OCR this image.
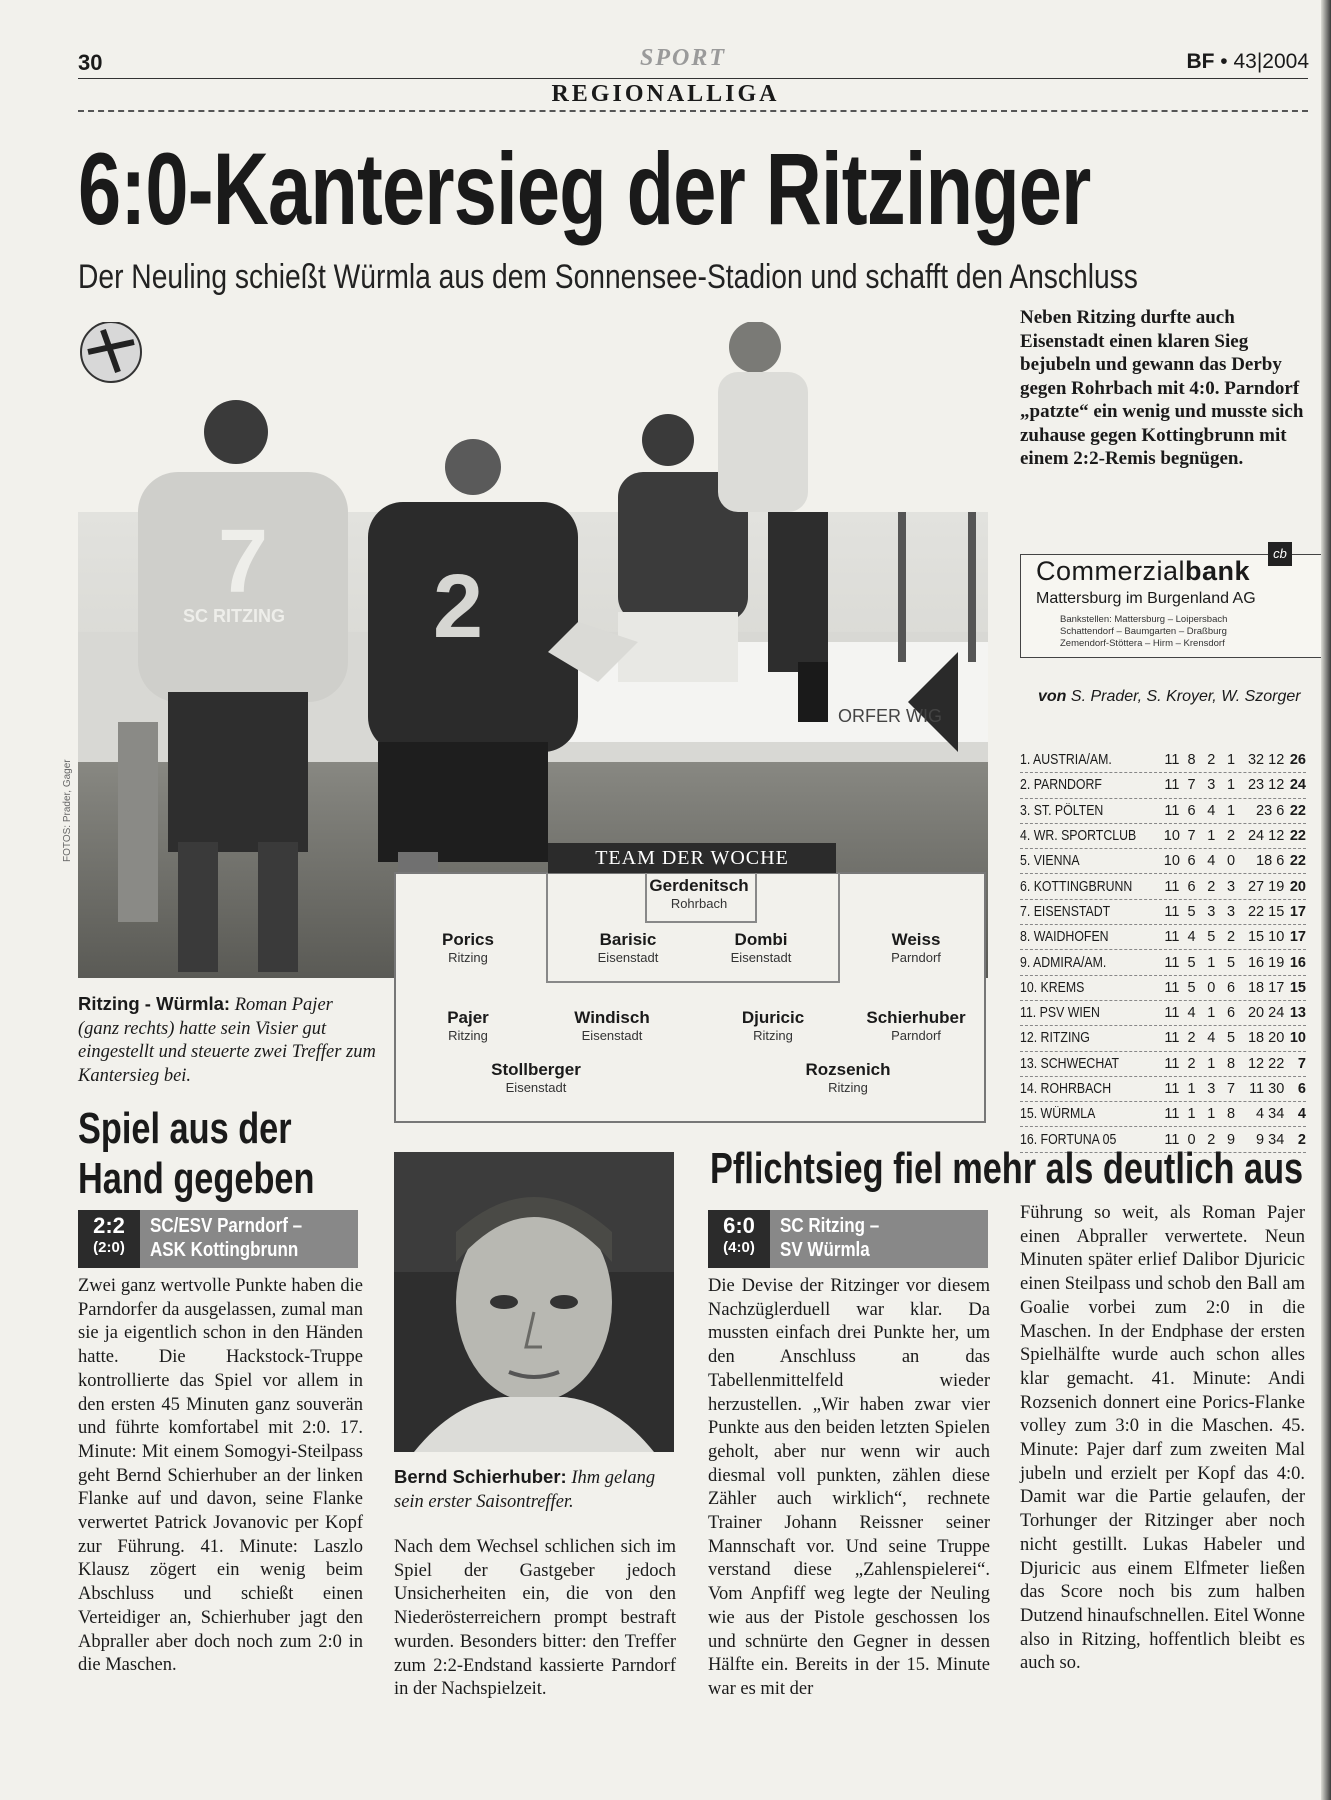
30	SPORT	BF • 43|2004
REGIONALLIGA
6:0-Kantersieg der Ritzinger
Der Neuling schießt Würmla aus dem Sonnensee-Stadion und schafft den Anschluss
Neben Ritzing durfte auch Eisenstadt einen klaren Sieg bejubeln und gewann das Derby gegen Rohrbach mit 4:0. Parndorf „patzte“ ein wenig und musste sich zuhause gegen Kottingbrunn mit einem 2:2-Remis begnügen.
ORFER WIG
7
SC RITZING 2
FOTOS: Prader, Gager	TEAM DER WOCHE
Gerdenitsch
Rohrbach
Porics
Ritzing
Barisic
Eisenstadt
Dombi
Eisenstadt
Weiss
Parndorf
Pajer
Ritzing
Windisch
Eisenstadt
Djuricic
Ritzing
Schierhuber
Parndorf
Stollberger
Eisenstadt
Rozsenich
Ritzing
Ritzing - Würmla: Roman Pajer (ganz rechts) hatte sein Visier gut eingestellt und steuerte zwei Treffer zum Kantersieg bei.
Commerzialbank
cb
Mattersburg im Burgenland AG
Bankstellen: Mattersburg – Loipersbach
Schattendorf – Baumgarten – Draßburg
Zemendorf-Stöttera – Hirm – Krensdorf
von S. Prader, S. Kroyer, W. Szorger
1. AUSTRIA/AM.	11 8 2 1 32 12 26
2. PARNDORF	11 7 3 1 23 12 24
3. ST. PÖLTEN	11 6 4 1	23 6 22
4. WR. SPORTCLUB	10 7 1 2 24 12 22
5. VIENNA	10 6 4 0	18 6 22
6. KOTTINGBRUNN	11 6 2 3 27 19 20
7. EISENSTADT	11 5 3 3 22 15 17
8. WAIDHOFEN	11 4 5 2 15 10 17
9. ADMIRA/AM.	11 5 1 5 16 19 16
10. KREMS	11 5 0 6 18 17 15
11. PSV WIEN	11 4 1 6 20 24 13
12. RITZING	11 2 4 5 18 20 10
13. SCHWECHAT	11 2 1 8 12 22 7
14. ROHRBACH	11 1 3 7 11 30 6
15. WÜRMLA	11 1 1 8	4 34 4
16. FORTUNA 05	11 0 2 9	9 34 2
Spiel aus der
Hand gegeben
2:2
(2:0)
SC/ESV Parndorf –
ASK Kottingbrunn
Zwei ganz wertvolle Punkte haben die Parndorfer da ausgelassen, zumal man sie ja eigentlich schon in den Händen hatte. Die Hackstock-Truppe kontrollierte das Spiel vor allem in den ersten 45 Minuten ganz souverän und führte komfortabel mit 2:0. 17. Minute: Mit einem Somogyi-Steilpass geht Bernd Schierhuber an der linken Flanke auf und davon, seine Flanke verwertet Patrick Jovanovic per Kopf zur Führung. 41. Minute: Laszlo Klausz zögert ein wenig beim Abschluss und schießt einen Verteidiger an, Schierhuber jagt den Abpraller aber doch noch zum 2:0 in die Maschen.
Bernd Schierhuber: Ihm gelang sein erster Saisontreffer.
Nach dem Wechsel schlichen sich im Spiel der Gastgeber jedoch Unsicherheiten ein, die von den Niederösterreichern prompt bestraft wurden. Besonders bitter: den Treffer zum 2:2-Endstand kassierte Parndorf in der Nachspielzeit.
Pflichtsieg fiel mehr als deutlich aus
6:0
(4:0)
SC Ritzing –
SV Würmla
Die Devise der Ritzinger vor diesem Nachzüglerduell war klar. Da mussten einfach drei Punkte her, um den Anschluss an das Tabellenmittelfeld wieder herzustellen. „Wir haben zwar vier Punkte aus den beiden letzten Spielen geholt, aber nur wenn wir auch diesmal voll punkten, zählen diese Zähler auch wirklich“, rechnete Trainer Johann Reissner seiner Mannschaft vor. Und seine Truppe verstand diese „Zahlenspielerei“. Vom Anpfiff weg legte der Neuling wie aus der Pistole geschossen los und schnürte den Gegner in dessen Hälfte ein. Bereits in der 15. Minute war es mit der
Führung so weit, als Roman Pajer einen Abpraller verwertete. Neun Minuten später erlief Dalibor Djuricic einen Steilpass und schob den Ball am Goalie vorbei zum 2:0 in die Maschen. In der Endphase der ersten Spielhälfte wurde auch schon alles klar gemacht. 41. Minute: Andi Rozsenich donnert eine Porics-Flanke volley zum 3:0 in die Maschen. 45. Minute: Pajer darf zum zweiten Mal jubeln und erzielt per Kopf das 4:0. Damit war die Partie gelaufen, der Torhunger der Ritzinger aber noch nicht gestillt. Lukas Habeler und Djuricic aus einem Elfmeter ließen das Score noch bis zum halben Dutzend hinaufschnellen. Eitel Wonne also in Ritzing, hoffentlich bleibt es auch so.
